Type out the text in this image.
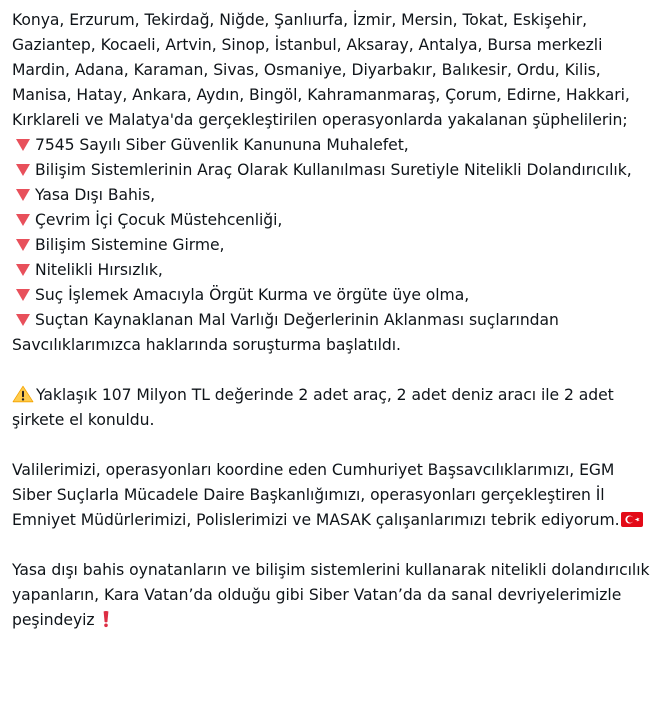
Konya, Erzurum, Tekirdağ, Niğde, Şanlıurfa, İzmir, Mersin, Tokat, Eskişehir, Gaziantep, Kocaeli, Artvin, Sinop, İstanbul, Aksaray, Antalya, Bursa merkezli Mardin, Adana, Karaman, Sivas, Osmaniye, Diyarbakır, Balıkesir, Ordu, Kilis, Manisa, Hatay, Ankara, Aydın, Bingöl, Kahramanmaraş, Çorum, Edirne, Hakkari, Kırklareli ve Malatya'da gerçekleştirilen operasyonlarda yakalanan şüphelilerin;

7545 Sayılı Siber Güvenlik Kanununa Muhalefet,
Bilişim Sistemlerinin Araç Olarak Kullanılması Suretiyle Nitelikli Dolandırıcılık,
Yasa Dışı Bahis,
Çevrim İçi Çocuk Müstehcenliği,
Bilişim Sistemine Girme,
Nitelikli Hırsızlık,
Suç İşlemek Amacıyla Örgüt Kurma ve örgüte üye olma,
Suçtan Kaynaklanan Mal Varlığı Değerlerinin Aklanması suçlarından
Savcılıklarımızca haklarında soruşturma başlatıldı.

Yaklaşık 107 Milyon TL değerinde 2 adet araç, 2 adet deniz aracı ile 2 adet şirkete el konuldu.

Valilerimizi, operasyonları koordine eden Cumhuriyet Başsavcılıklarımızı, EGM Siber Suçlarla Mücadele Daire Başkanlığımızı, operasyonları gerçekleştiren İl Emniyet Müdürlerimizi, Polislerimizi ve MASAK çalışanlarımızı tebrik ediyorum.

Yasa dışı bahis oynatanların ve bilişim sistemlerini kullanarak nitelikli dolandırıcılık yapanların, Kara Vatan’da olduğu gibi Siber Vatan’da da sanal devriyelerimizle peşindeyiz
